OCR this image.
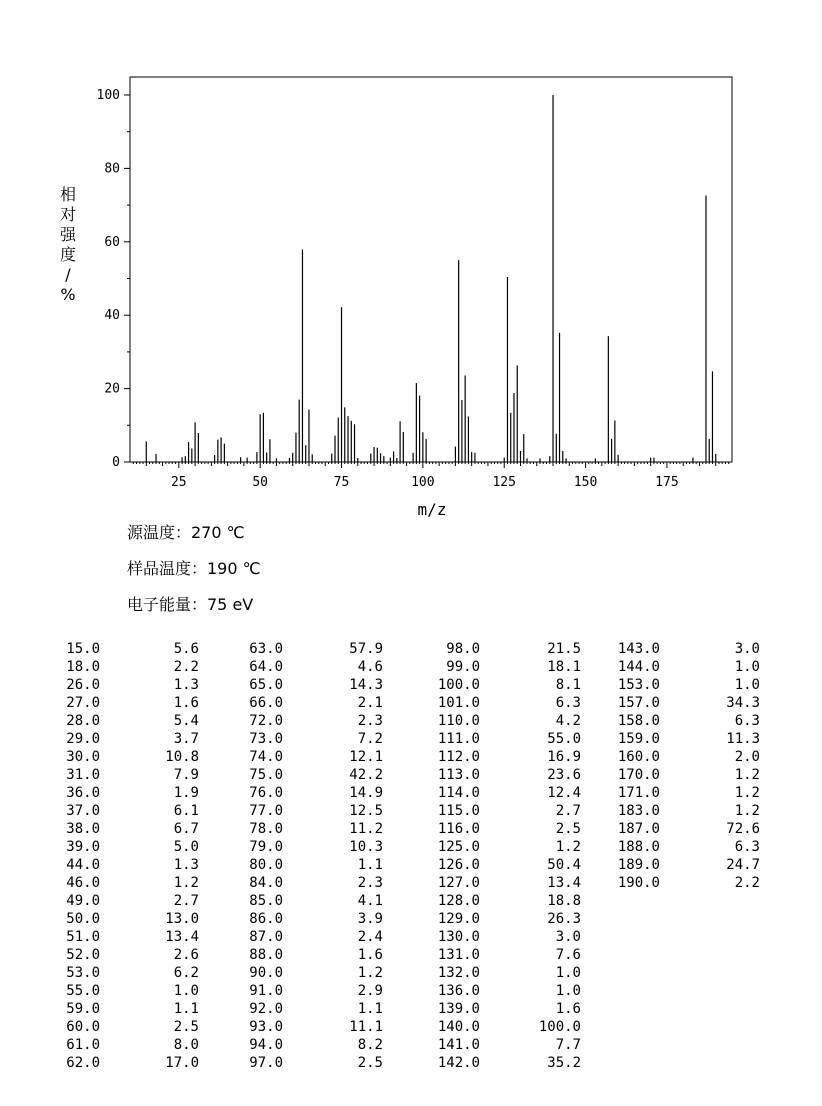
0
20
40
60
80
100
25	50	75	100	125	150	175
m/z
相对强度/ %
源温度：270 ℃
样品温度：190 ℃
电子能量：75 eV
15.0	5.6
18.0	2.2
26.0	1.3
27.0	1.6
28.0	5.4
29.0	3.7
30.0	10.8
31.0	7.9
36.0	1.9
37.0	6.1
38.0	6.7
39.0	5.0
44.0	1.3
46.0	1.2
49.0	2.7
50.0	13.0
51.0	13.4
52.0	2.6
53.0	6.2
55.0	1.0
59.0	1.1
60.0	2.5
61.0	8.0
62.0	17.0
63.0	57.9
64.0	4.6
65.0	14.3
66.0	2.1
72.0	2.3
73.0	7.2
74.0	12.1
75.0	42.2
76.0	14.9
77.0	12.5
78.0	11.2
79.0	10.3
80.0	1.1
84.0	2.3
85.0	4.1
86.0	3.9
87.0	2.4
88.0	1.6
90.0	1.2
91.0	2.9
92.0	1.1
93.0	11.1
94.0	8.2
97.0	2.5
98.0	21.5
99.0	18.1
100.0	8.1
101.0	6.3
110.0	4.2
111.0	55.0
112.0	16.9
113.0	23.6
114.0	12.4
115.0	2.7
116.0	2.5
125.0	1.2
126.0	50.4
127.0	13.4
128.0	18.8
129.0	26.3
130.0	3.0
131.0	7.6
132.0	1.0
136.0	1.0
139.0	1.6
140.0	100.0
141.0	7.7
142.0	35.2
143.0	3.0
144.0	1.0
153.0	1.0
157.0	34.3
158.0	6.3
159.0	11.3
160.0	2.0
170.0	1.2
171.0	1.2
183.0	1.2
187.0	72.6
188.0	6.3
189.0	24.7
190.0	2.2
